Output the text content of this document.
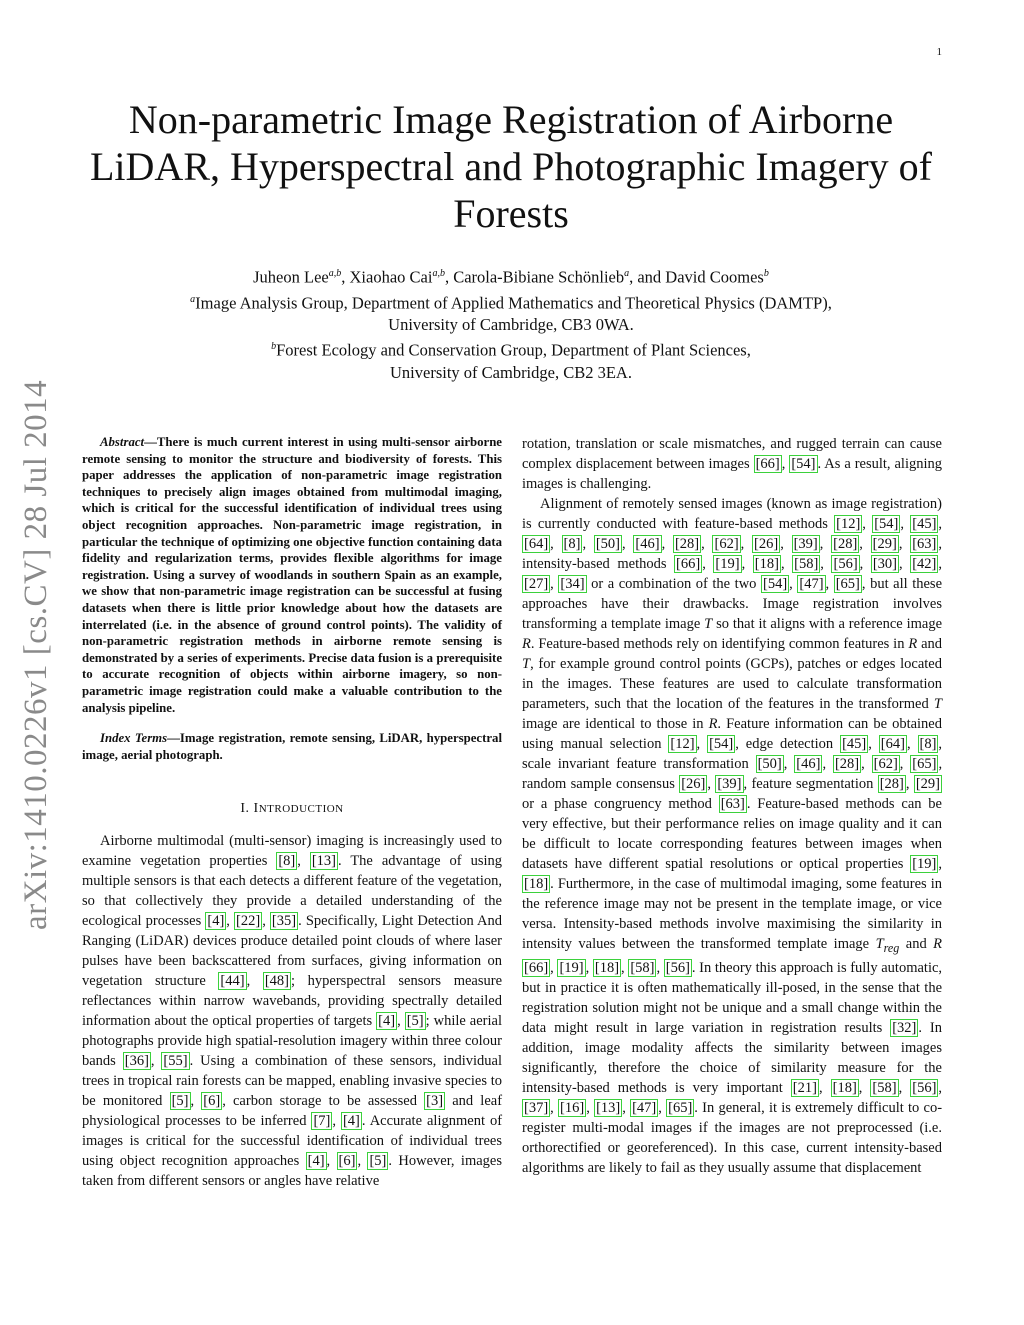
1
arXiv:1410.0226v1 [cs.CV] 28 Jul 2014
Non-parametric Image Registration of Airborne LiDAR, Hyperspectral and Photographic Imagery of Forests
Juheon Lee$^{a,b}$, Xiaohao Cai$^{a,b}$, Carola-Bibiane Schönlieb$^a$, and David Coomes$^b$
$^a$Image Analysis Group, Department of Applied Mathematics and Theoretical Physics (DAMTP),
University of Cambridge, CB3 0WA.
$^b$Forest Ecology and Conservation Group, Department of Plant Sciences,
University of Cambridge, CB2 3EA.

Abstract—There is much current interest in using multi-sensor airborne remote sensing to monitor the structure and biodiversity of forests. This paper addresses the application of non-parametric image registration techniques to precisely align images obtained from multimodal imaging, which is critical for the successful identification of individual trees using object recognition approaches. Non-parametric image registration, in particular the technique of optimizing one objective function containing data fidelity and regularization terms, provides flexible algorithms for image registration. Using a survey of woodlands in southern Spain as an example, we show that non-parametric image registration can be successful at fusing datasets when there is little prior knowledge about how the datasets are interrelated (i.e. in the absence of ground control points). The validity of non-parametric registration methods in airborne remote sensing is demonstrated by a series of experiments. Precise data fusion is a prerequisite to accurate recognition of objects within airborne imagery, so non-parametric image registration could make a valuable contribution to the analysis pipeline.

Index Terms—Image registration, remote sensing, LiDAR, hyperspectral image, aerial photograph.

I. INTRODUCTION

Airborne multimodal (multi-sensor) imaging is increasingly used to examine vegetation properties [8] , [13] . The advantage of using multiple sensors is that each detects a different feature of the vegetation, so that collectively they provide a detailed understanding of the ecological processes [4] , [22] , [35] . Specifically, Light Detection And Ranging (LiDAR) devices produce detailed point clouds of where laser pulses have been backscattered from surfaces, giving information on vegetation structure [44] , [48] ; hyperspectral sensors measure reflectances within narrow wavebands, providing spectrally detailed information about the optical properties of targets [4] , [5] ; while aerial photographs provide high spatial-resolution imagery within three colour bands [36] , [55] . Using a combination of these sensors, individual trees in tropical rain forests can be mapped, enabling invasive species to be monitored [5] , [6] , carbon storage to be assessed [3] and leaf physiological processes to be inferred [7] , [4] . Accurate alignment of images is critical for the successful identification of individual trees using object recognition approaches [4] , [6] , [5] . However, images taken from different sensors or angles have relative

rotation, translation or scale mismatches, and rugged terrain can cause complex displacement between images [66] , [54] . As a result, aligning images is challenging.

Alignment of remotely sensed images (known as image registration) is currently conducted with feature-based methods [12] , [54] , [45] , [64] , [8] , [50] , [46] , [28] , [62] , [26] , [39] , [28] , [29] , [63] , intensity-based methods [66] , [19] , [18] , [58] , [56] , [30] , [42] , [27] , [34] or a combination of the two [54] , [47] , [65] , but all these approaches have their drawbacks. Image registration involves transforming a template image T so that it aligns with a reference image R. Feature-based methods rely on identifying common features in R and T, for example ground control points (GCPs), patches or edges located in the images. These features are used to calculate transformation parameters, such that the location of the features in the transformed T image are identical to those in R. Feature information can be obtained using manual selection [12] , [54] , edge detection [45] , [64] , [8] , scale invariant feature transformation [50] , [46] , [28] , [62] , [65] , random sample consensus [26] , [39] , feature segmentation [28] , [29] or a phase congruency method [63] . Feature-based methods can be very effective, but their performance relies on image quality and it can be difficult to locate corresponding features between images when datasets have different spatial resolutions or optical properties [19] , [18] . Furthermore, in the case of multimodal imaging, some features in the reference image may not be present in the template image, or vice versa. Intensity-based methods involve maximising the similarity in intensity values between the transformed template image $T_{reg}$ and R [66] , [19] , [18] , [58] , [56] . In theory this approach is fully automatic, but in practice it is often mathematically ill-posed, in the sense that the registration solution might not be unique and a small change within the data might result in large variation in registration results [32] . In addition, image modality affects the similarity between images significantly, therefore the choice of similarity measure for the intensity-based methods is very important [21] , [18] , [58] , [56] , [37] , [16] , [13] , [47] , [65] . In general, it is extremely difficult to co-register multi-modal images if the images are not preprocessed (i.e. orthorectified or georeferenced). In this case, current intensity-based algorithms are likely to fail as they usually assume that displacement
